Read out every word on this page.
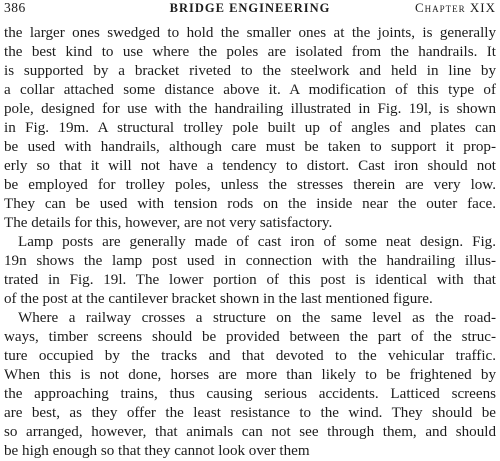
386	BRIDGE ENGINEERING	Chapter XIX
the larger ones swedged to hold the smaller ones at the joints, is generally
the best kind to use where the poles are isolated from the handrails. It
is supported by a bracket riveted to the steelwork and held in line by
a collar attached some distance above it. A modification of this type of
pole, designed for use with the handrailing illustrated in Fig. 19l, is shown
in Fig. 19m. A structural trolley pole built up of angles and plates can
be used with handrails, although care must be taken to support it prop-
erly so that it will not have a tendency to distort. Cast iron should not
be employed for trolley poles, unless the stresses therein are very low.
They can be used with tension rods on the inside near the outer face.
The details for this, however, are not very satisfactory.
Lamp posts are generally made of cast iron of some neat design. Fig.
19n shows the lamp post used in connection with the handrailing illus-
trated in Fig. 19l. The lower portion of this post is identical with that
of the post at the cantilever bracket shown in the last mentioned figure.
Where a railway crosses a structure on the same level as the road-
ways, timber screens should be provided between the part of the struc-
ture occupied by the tracks and that devoted to the vehicular traffic.
When this is not done, horses are more than likely to be frightened by
the approaching trains, thus causing serious accidents. Latticed screens
are best, as they offer the least resistance to the wind. They should be
so arranged, however, that animals can not see through them, and should
be high enough so that they cannot look over them
